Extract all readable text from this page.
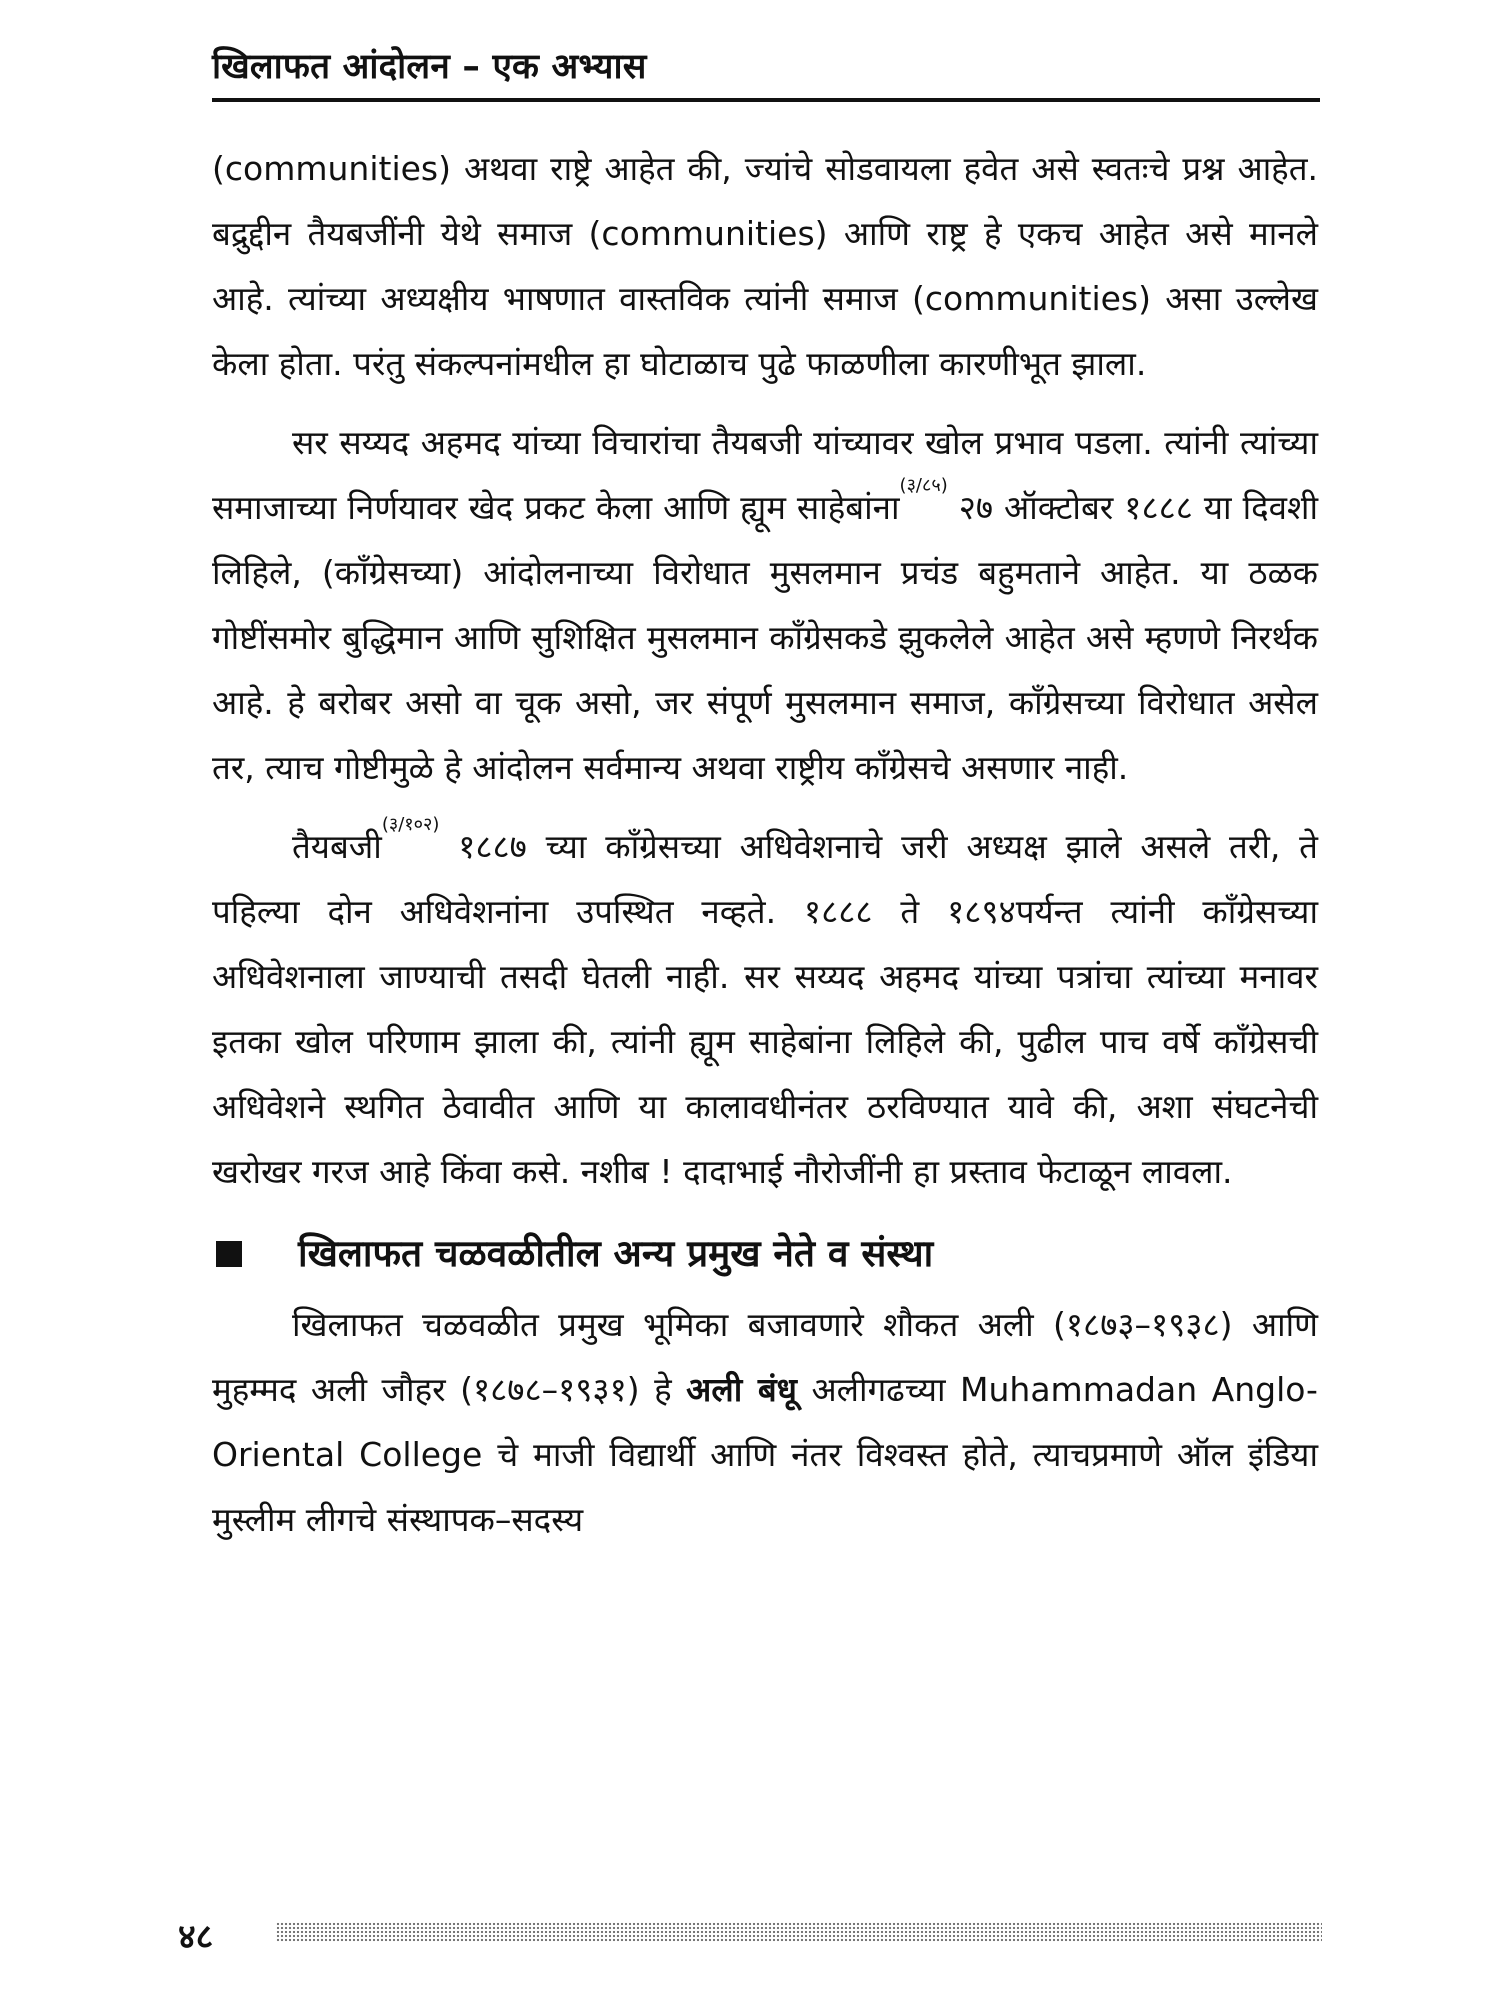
खिलाफत आंदोलन – एक अभ्यास

(communities) अथवा राष्ट्रे आहेत की, ज्यांचे सोडवायला हवेत असे स्वतःचे प्रश्न आहेत. बद्रुद्दीन तैयबजींनी येथे समाज (communities) आणि राष्ट्र हे एकच आहेत असे मानले आहे. त्यांच्या अध्यक्षीय भाषणात वास्तविक त्यांनी समाज (communities) असा उल्लेख केला होता. परंतु संकल्पनांमधील हा घोटाळाच पुढे फाळणीला कारणीभूत झाला.

सर सय्यद अहमद यांच्या विचारांचा तैयबजी यांच्यावर खोल प्रभाव पडला. त्यांनी त्यांच्या समाजाच्या निर्णयावर खेद प्रकट केला आणि ह्यूम साहेबांना$^{(३/८५)}$ २७ ऑक्टोबर १८८८ या दिवशी लिहिले, (काँग्रेसच्या) आंदोलनाच्या विरोधात मुसलमान प्रचंड बहुमताने आहेत. या ठळक गोष्टींसमोर बुद्धिमान आणि सुशिक्षित मुसलमान काँग्रेसकडे झुकलेले आहेत असे म्हणणे निरर्थक आहे. हे बरोबर असो वा चूक असो, जर संपूर्ण मुसलमान समाज, काँग्रेसच्या विरोधात असेल तर, त्याच गोष्टीमुळे हे आंदोलन सर्वमान्य अथवा राष्ट्रीय काँग्रेसचे असणार नाही.

तैयबजी$^{(३/१०२)}$ १८८७ च्या काँग्रेसच्या अधिवेशनाचे जरी अध्यक्ष झाले असले तरी, ते पहिल्या दोन अधिवेशनांना उपस्थित नव्हते. १८८८ ते १८९४पर्यन्त त्यांनी काँग्रेसच्या अधिवेशनाला जाण्याची तसदी घेतली नाही. सर सय्यद अहमद यांच्या पत्रांचा त्यांच्या मनावर इतका खोल परिणाम झाला की, त्यांनी ह्यूम साहेबांना लिहिले की, पुढील पाच वर्षे काँग्रेसची अधिवेशने स्थगित ठेवावीत आणि या कालावधीनंतर ठरविण्यात यावे की, अशा संघटनेची खरोखर गरज आहे किंवा कसे. नशीब ! दादाभाई नौरोजींनी हा प्रस्ताव फेटाळून लावला.

खिलाफत चळवळीतील अन्य प्रमुख नेते व संस्था

खिलाफत चळवळीत प्रमुख भूमिका बजावणारे शौकत अली (१८७३–१९३८) आणि मुहम्मद अली जौहर (१८७८–१९३१) हे अली बंधू अलीगढच्या Muhammadan Anglo-Oriental College चे माजी विद्यार्थी आणि नंतर विश्वस्त होते, त्याचप्रमाणे ऑल इंडिया मुस्लीम लीगचे संस्थापक–सदस्य

४८
